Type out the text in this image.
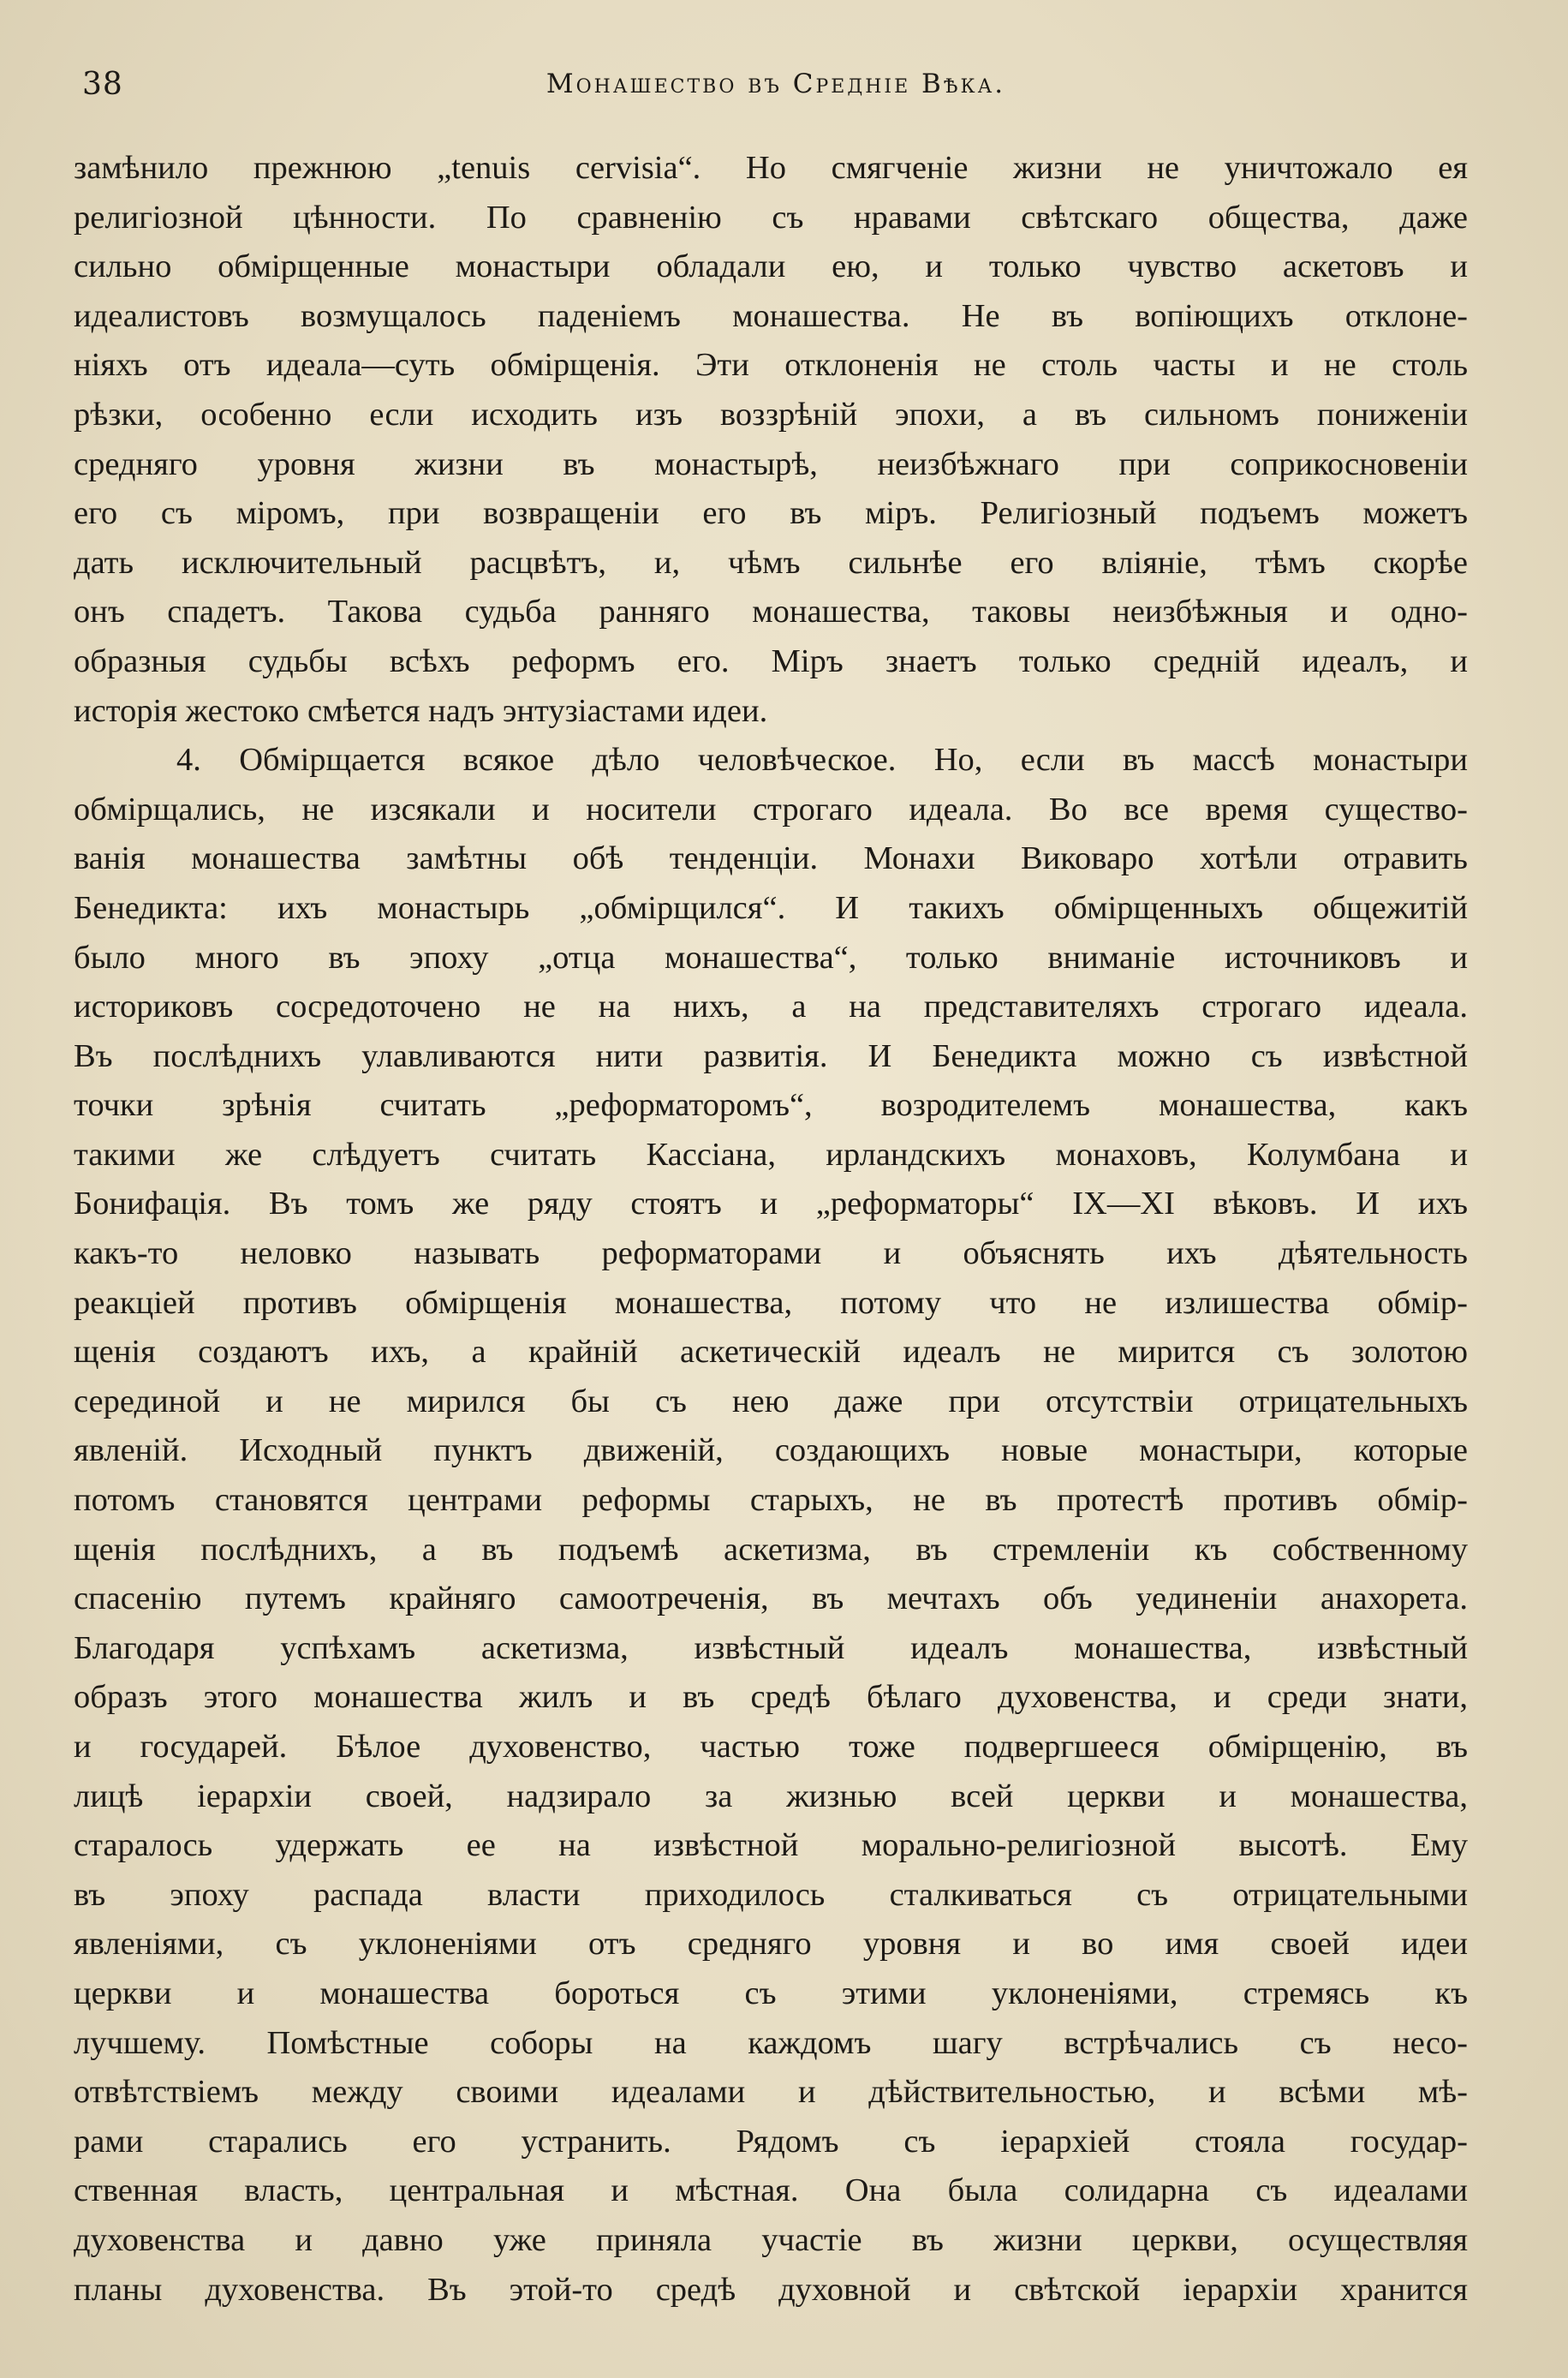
38	Монашество въ Средніе Вѣка.
замѣнило прежнюю „tenuis cervisia“. Но смягченіе жизни не уничтожало ея
религіозной цѣнности. По сравненію съ нравами свѣтскаго общества, даже
сильно обмірщенные монастыри обладали ею, и только чувство аскетовъ и
идеалистовъ возмущалось паденіемъ монашества. Не въ вопіющихъ отклоне-
ніяхъ отъ идеала—суть обмірщенія. Эти отклоненія не столь часты и не столь
рѣзки, особенно если исходить изъ воззрѣній эпохи, а въ сильномъ пониженіи
средняго уровня жизни въ монастырѣ, неизбѣжнаго при соприкосновеніи
его съ міромъ, при возвращеніи его въ міръ. Религіозный подъемъ можетъ
дать исключительный расцвѣтъ, и, чѣмъ сильнѣе его вліяніе, тѣмъ скорѣе
онъ спадетъ. Такова судьба ранняго монашества, таковы неизбѣжныя и одно-
образныя судьбы всѣхъ реформъ его. Міръ знаетъ только средній идеалъ, и
исторія жестоко смѣется надъ энтузіастами идеи.
4. Обмірщается всякое дѣло человѣческое. Но, если въ массѣ монастыри
обмірщались, не изсякали и носители строгаго идеала. Во все время существо-
ванія монашества замѣтны обѣ тенденціи. Монахи Виковаро хотѣли отравить
Бенедикта: ихъ монастырь „обмірщился“. И такихъ обмірщенныхъ общежитій
было много въ эпоху „отца монашества“, только вниманіе источниковъ и
историковъ сосредоточено не на нихъ, а на представителяхъ строгаго идеала.
Въ послѣднихъ улавливаются нити развитія. И Бенедикта можно съ извѣстной
точки зрѣнія считать „реформаторомъ“, возродителемъ монашества, какъ
такими же слѣдуетъ считать Кассіана, ирландскихъ монаховъ, Колумбана и
Бонифація. Въ томъ же ряду стоятъ и „реформаторы“ IX—XI вѣковъ. И ихъ
какъ-то неловко называть реформаторами и объяснять ихъ дѣятельность
реакціей противъ обмірщенія монашества, потому что не излишества обмір-
щенія создаютъ ихъ, а крайній аскетическій идеалъ не мирится съ золотою
серединой и не мирился бы съ нею даже при отсутствіи отрицательныхъ
явленій. Исходный пунктъ движеній, создающихъ новые монастыри, которые
потомъ становятся центрами реформы старыхъ, не въ протестѣ противъ обмір-
щенія послѣднихъ, а въ подъемѣ аскетизма, въ стремленіи къ собственному
спасенію путемъ крайняго самоотреченія, въ мечтахъ объ уединеніи анахорета.
Благодаря успѣхамъ аскетизма, извѣстный идеалъ монашества, извѣстный
образъ этого монашества жилъ и въ средѣ бѣлаго духовенства, и среди знати,
и государей. Бѣлое духовенство, частью тоже подвергшееся обмірщенію, въ
лицѣ іерархіи своей, надзирало за жизнью всей церкви и монашества,
старалось удержать ее на извѣстной морально-религіозной высотѣ. Ему
въ эпоху распада власти приходилось сталкиваться съ отрицательными
явленіями, съ уклоненіями отъ средняго уровня и во имя своей идеи
церкви и монашества бороться съ этими уклоненіями, стремясь къ
лучшему. Помѣстные соборы на каждомъ шагу встрѣчались съ несо-
отвѣтствіемъ между своими идеалами и дѣйствительностью, и всѣми мѣ-
рами старались его устранить. Рядомъ съ іерархіей стояла государ-
ственная власть, центральная и мѣстная. Она была солидарна съ идеалами
духовенства и давно уже приняла участіе въ жизни церкви, осуществляя
планы духовенства. Въ этой-то средѣ духовной и свѣтской іерархіи хранится
